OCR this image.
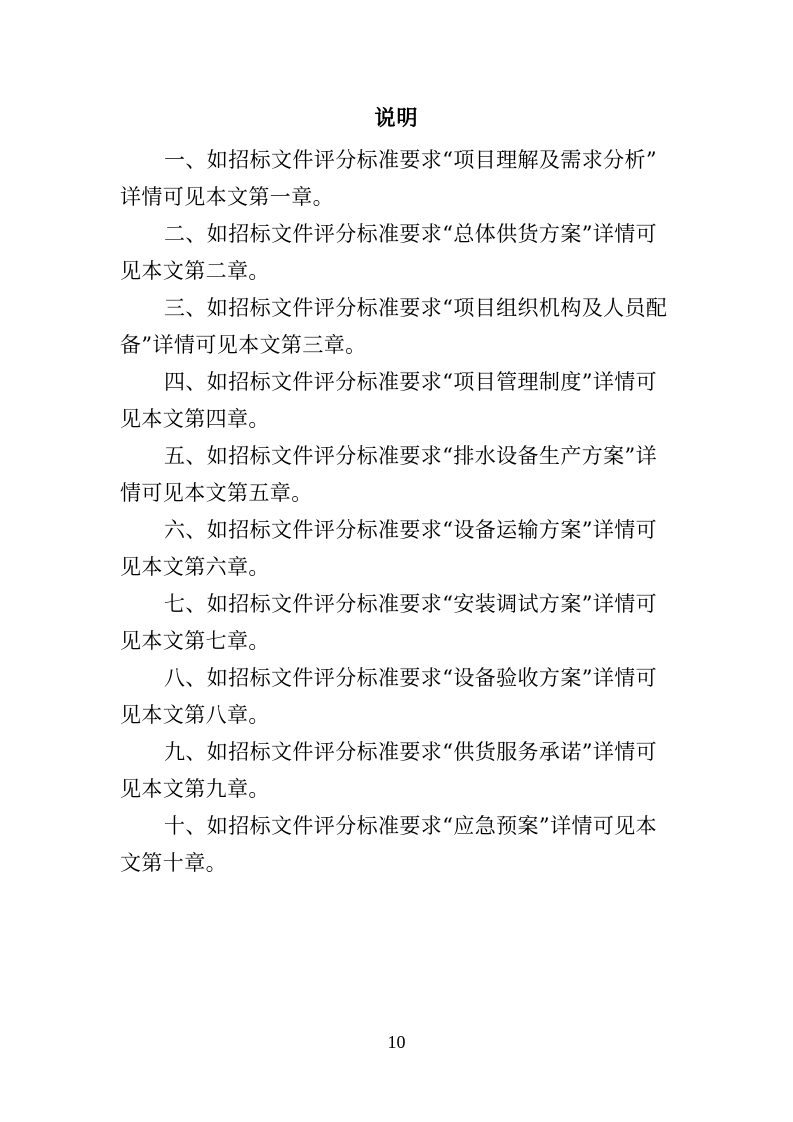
说明

一、如招标文件评分标准要求“项目理解及需求分析”
详情可见本文第一章。

二、如招标文件评分标准要求“总体供货方案”详情可
见本文第二章。

三、如招标文件评分标准要求“项目组织机构及人员配
备”详情可见本文第三章。

四、如招标文件评分标准要求“项目管理制度”详情可
见本文第四章。

五、如招标文件评分标准要求“排水设备生产方案”详
情可见本文第五章。

六、如招标文件评分标准要求“设备运输方案”详情可
见本文第六章。

七、如招标文件评分标准要求“安装调试方案”详情可
见本文第七章。

八、如招标文件评分标准要求“设备验收方案”详情可
见本文第八章。

九、如招标文件评分标准要求“供货服务承诺”详情可
见本文第九章。

十、如招标文件评分标准要求“应急预案”详情可见本
文第十章。

10
